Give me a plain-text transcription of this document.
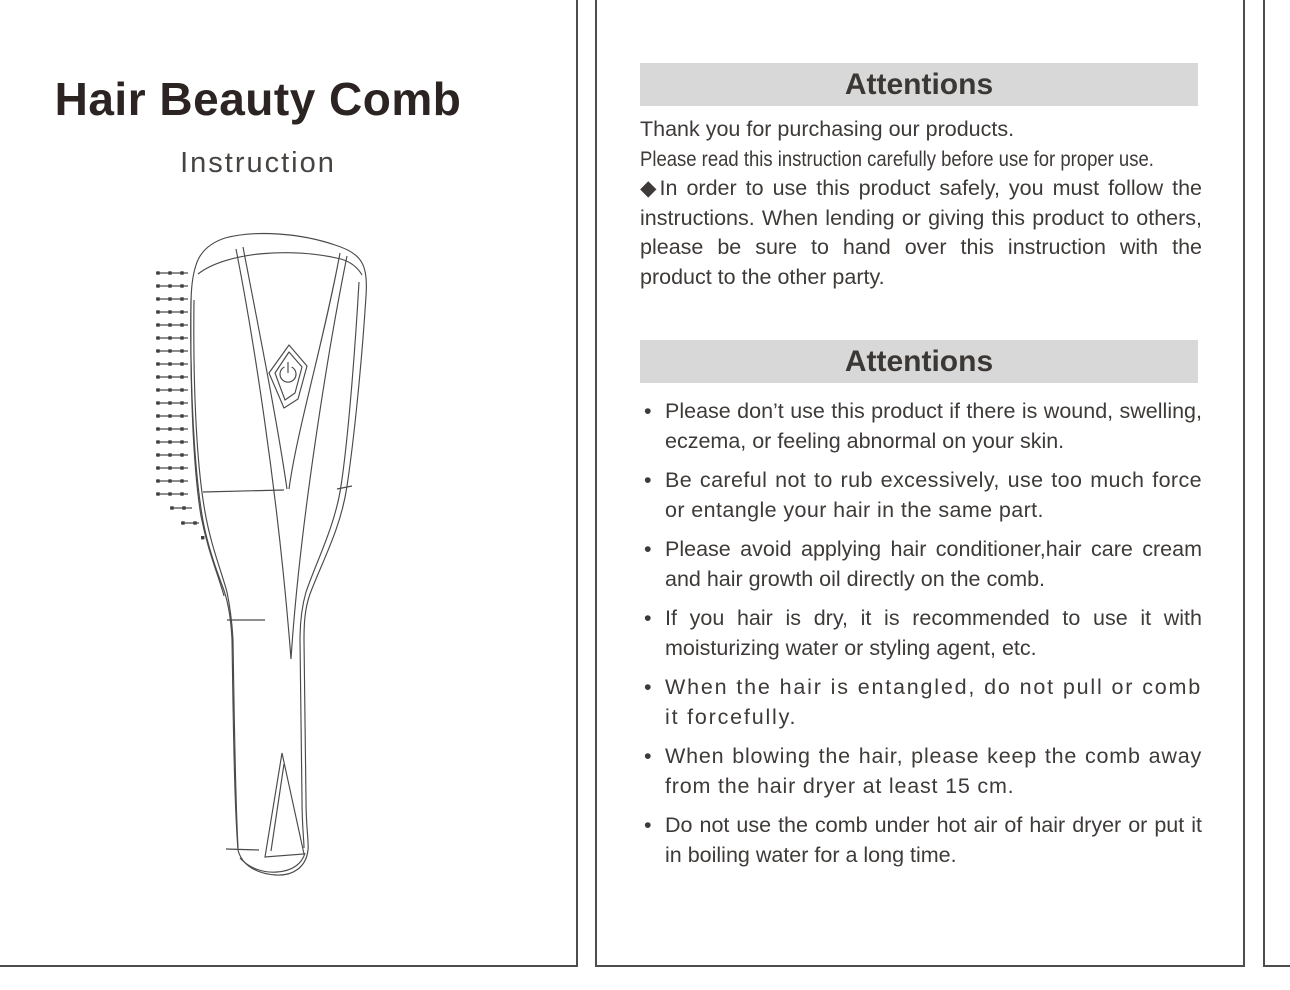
Hair Beauty Comb
Instruction
Attentions

Thank you for purchasing our products.

Please read this instruction carefully before use for proper use.

◆In order to use this product safely, you must follow the instructions. When lending or giving this product to others, please be sure to hand over this instruction with the product to the other party.

Attentions
• Please don’t use this product if there is wound, swelling, eczema, or feeling abnormal on your skin.
• Be careful not to rub excessively, use too much force or entangle your hair in the same part.
• Please avoid applying hair conditioner,hair care cream and hair growth oil directly on the comb.
• If you hair is dry, it is recommended to use it with moisturizing water or styling agent, etc.
• When the hair is entangled, do not pull or comb it forcefully.
• When blowing the hair, please keep the comb away from the hair dryer at least 15 cm.
• Do not use the comb under hot air of hair dryer or put it in boiling water for a long time.
